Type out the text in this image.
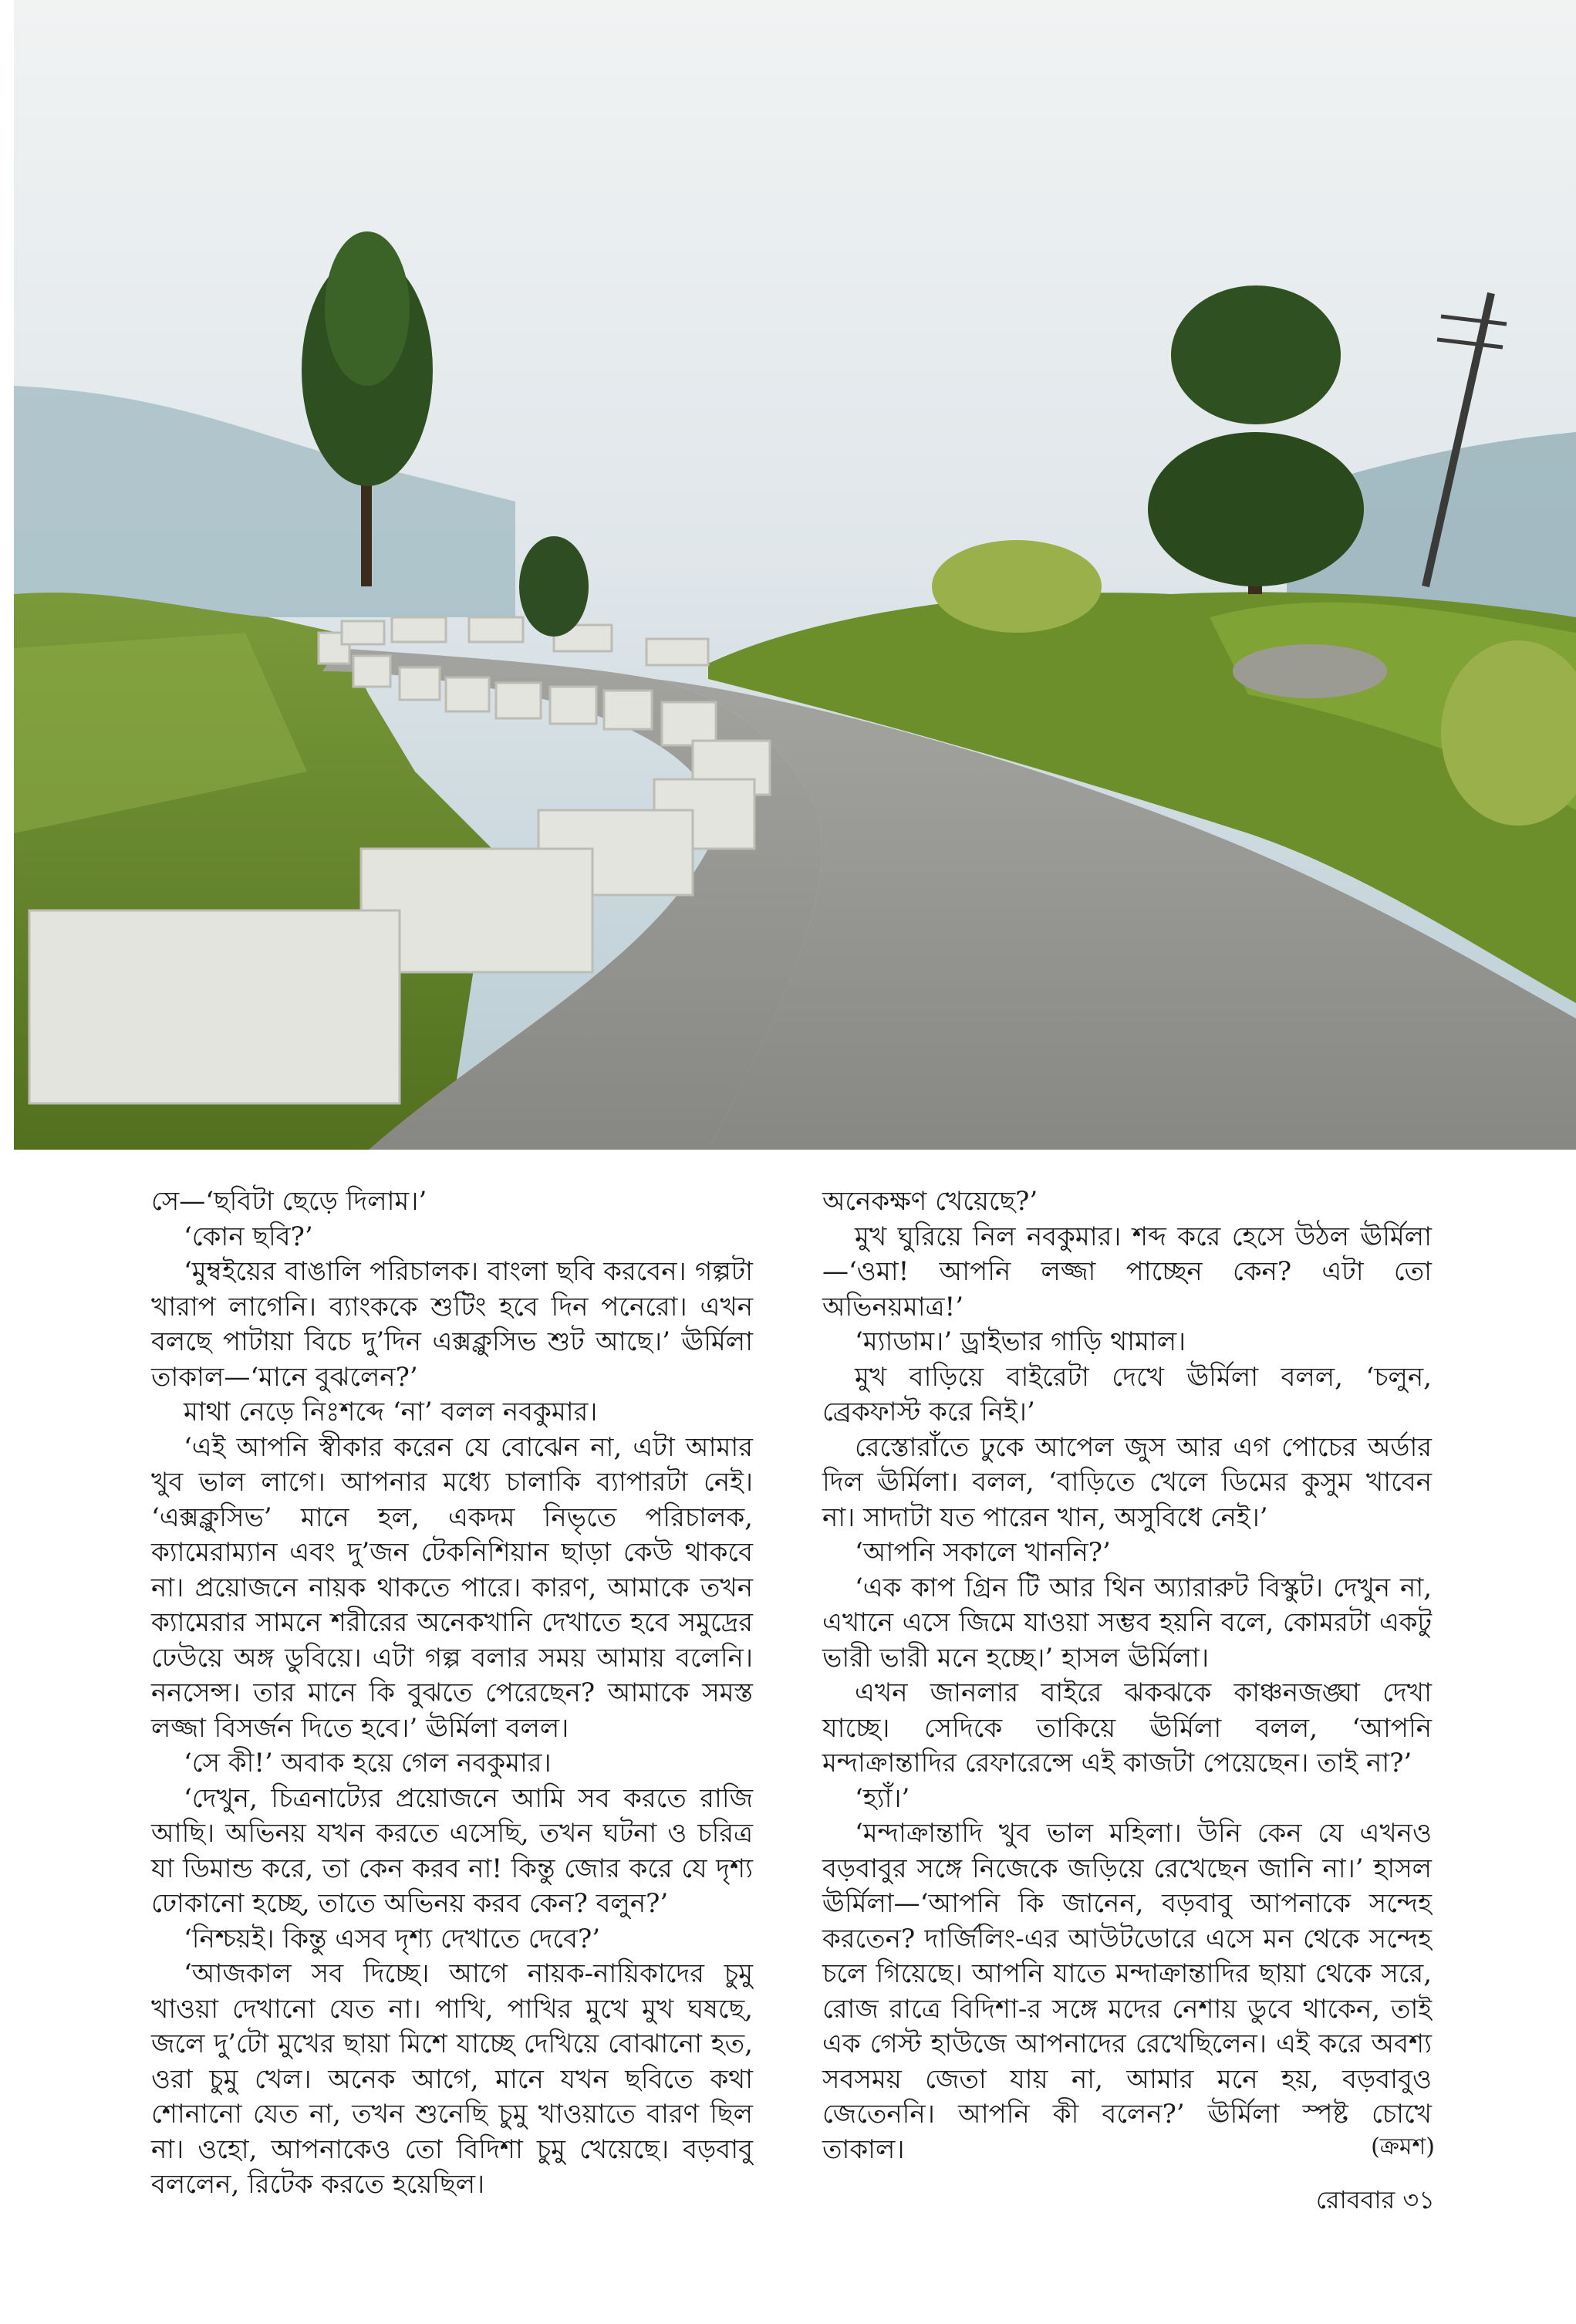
সে—‘ছবিটা ছেড়ে দিলাম।’

‘কোন ছবি?’

‘মুম্বইয়ের বাঙালি পরিচালক। বাংলা ছবি করবেন। গল্পটা খারাপ লাগেনি। ব্যাংককে শুটিং হবে দিন পনেরো। এখন বলছে পাটায়া বিচে দু’দিন এক্সক্লুসিভ শুট আছে।’ ঊর্মিলা তাকাল—‘মানে বুঝলেন?’

মাথা নেড়ে নিঃশব্দে ‘না’ বলল নবকুমার।

‘এই আপনি স্বীকার করেন যে বোঝেন না, এটা আমার খুব ভাল লাগে। আপনার মধ্যে চালাকি ব্যাপারটা নেই। ‘এক্সক্লুসিভ’ মানে হল, একদম নিভৃতে পরিচালক, ক্যামেরাম্যান এবং দু’জন টেকনিশিয়ান ছাড়া কেউ থাকবে না। প্রয়োজনে নায়ক থাকতে পারে। কারণ, আমাকে তখন ক্যামেরার সামনে শরীরের অনেকখানি দেখাতে হবে সমুদ্রের ঢেউয়ে অঙ্গ ডুবিয়ে। এটা গল্প বলার সময় আমায় বলেনি। ননসেন্স। তার মানে কি বুঝতে পেরেছেন? আমাকে সমস্ত লজ্জা বিসর্জন দিতে হবে।’ ঊর্মিলা বলল।

‘সে কী!’ অবাক হয়ে গেল নবকুমার।

‘দেখুন, চিত্রনাট্যের প্রয়োজনে আমি সব করতে রাজি আছি। অভিনয় যখন করতে এসেছি, তখন ঘটনা ও চরিত্র যা ডিমান্ড করে, তা কেন করব না! কিন্তু জোর করে যে দৃশ্য ঢোকানো হচ্ছে, তাতে অভিনয় করব কেন? বলুন?’

‘নিশ্চয়ই। কিন্তু এসব দৃশ্য দেখাতে দেবে?’

‘আজকাল সব দিচ্ছে। আগে নায়ক-নায়িকাদের চুমু খাওয়া দেখানো যেত না। পাখি, পাখির মুখে মুখ ঘষছে, জলে দু’টো মুখের ছায়া মিশে যাচ্ছে দেখিয়ে বোঝানো হত, ওরা চুমু খেল। অনেক আগে, মানে যখন ছবিতে কথা শোনানো যেত না, তখন শুনেছি চুমু খাওয়াতে বারণ ছিল না। ওহো, আপনাকেও তো বিদিশা চুমু খেয়েছে। বড়বাবু বললেন, রিটেক করতে হয়েছিল।

অনেকক্ষণ খেয়েছে?’

মুখ ঘুরিয়ে নিল নবকুমার। শব্দ করে হেসে উঠল ঊর্মিলা—‘ওমা! আপনি লজ্জা পাচ্ছেন কেন? এটা তো অভিনয়মাত্র!’

‘ম্যাডাম।’ ড্রাইভার গাড়ি থামাল।

মুখ বাড়িয়ে বাইরেটা দেখে ঊর্মিলা বলল, ‘চলুন, ব্রেকফাস্ট করে নিই।’

রেস্তোরাঁতে ঢুকে আপেল জুস আর এগ পোচের অর্ডার দিল ঊর্মিলা। বলল, ‘বাড়িতে খেলে ডিমের কুসুম খাবেন না। সাদাটা যত পারেন খান, অসুবিধে নেই।’

‘আপনি সকালে খাননি?’

‘এক কাপ গ্রিন টি আর থিন অ্যারারুট বিস্কুট। দেখুন না, এখানে এসে জিমে যাওয়া সম্ভব হয়নি বলে, কোমরটা একটু ভারী ভারী মনে হচ্ছে।’ হাসল ঊর্মিলা।

এখন জানলার বাইরে ঝকঝকে কাঞ্চনজঙ্ঘা দেখা যাচ্ছে। সেদিকে তাকিয়ে ঊর্মিলা বলল, ‘আপনি মন্দাক্রান্তাদির রেফারেন্সে এই কাজটা পেয়েছেন। তাই না?’

‘হ্যাঁ।’

‘মন্দাক্রান্তাদি খুব ভাল মহিলা। উনি কেন যে এখনও বড়বাবুর সঙ্গে নিজেকে জড়িয়ে রেখেছেন জানি না।’ হাসল ঊর্মিলা—‘আপনি কি জানেন, বড়বাবু আপনাকে সন্দেহ করতেন? দার্জিলিং-এর আউটডোরে এসে মন থেকে সন্দেহ চলে গিয়েছে। আপনি যাতে মন্দাক্রান্তাদির ছায়া থেকে সরে, রোজ রাত্রে বিদিশা-র সঙ্গে মদের নেশায় ডুবে থাকেন, তাই এক গেস্ট হাউজে আপনাদের রেখেছিলেন। এই করে অবশ্য সবসময় জেতা যায় না, আমার মনে হয়, বড়বাবুও জেতেননি। আপনি কী বলেন?’ ঊর্মিলা স্পষ্ট চোখে তাকাল।	(ক্রমশ)
রোববার ৩১
